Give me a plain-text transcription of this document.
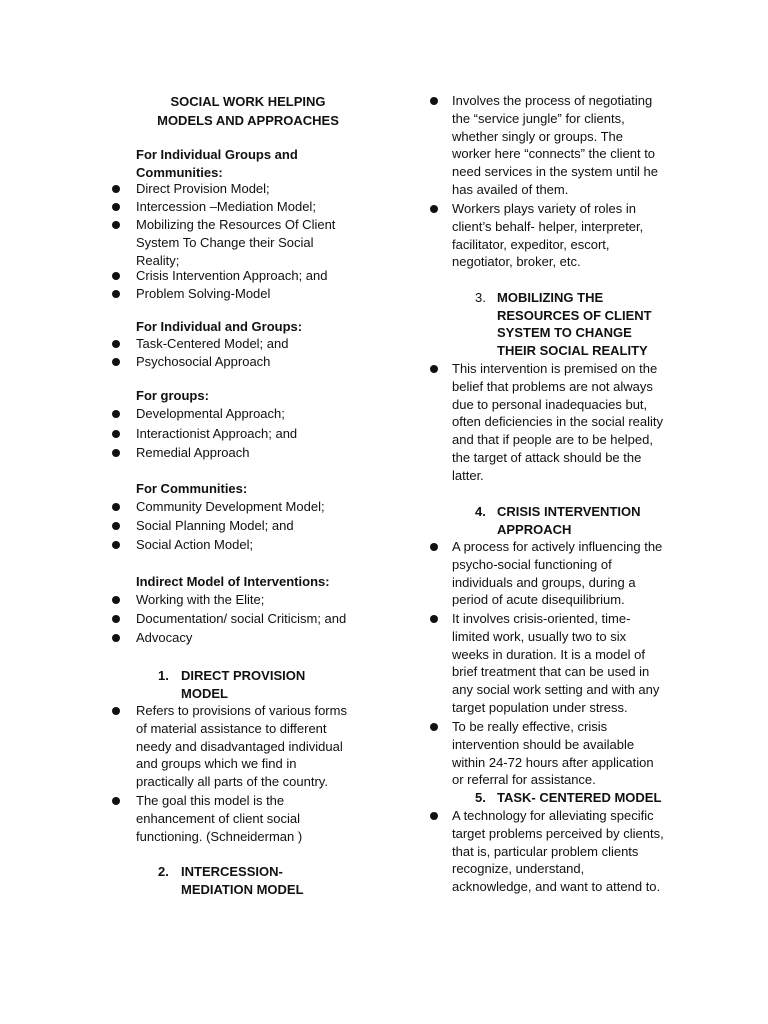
SOCIAL WORK HELPING
MODELS AND APPROACHES
For Individual Groups and
Communities:
Direct Provision Model;
Intercession –Mediation Model;
Mobilizing the Resources Of Client
System To Change their Social
Reality;
Crisis Intervention Approach; and
Problem Solving-Model
For Individual and Groups:
Task-Centered Model; and
Psychosocial Approach
For groups:
Developmental Approach;
Interactionist Approach; and
Remedial Approach
For Communities:
Community Development Model;
Social Planning Model; and
Social Action Model;
Indirect Model of Interventions:
Working with the Elite;
Documentation/ social Criticism; and
Advocacy
1. DIRECT PROVISION
MODEL
Refers to provisions of various forms
of material assistance to different
needy and disadvantaged individual
and groups which we find in
practically all parts of the country.
The goal this model is the
enhancement of client social
functioning. (Schneiderman )
2. INTERCESSION-
MEDIATION MODEL
Involves the process of negotiating
the “service jungle” for clients,
whether singly or groups. The
worker here “connects” the client to
need services in the system until he
has availed of them.
Workers plays variety of roles in
client’s behalf- helper, interpreter,
facilitator, expeditor, escort,
negotiator, broker, etc.
3. MOBILIZING THE
RESOURCES OF CLIENT
SYSTEM TO CHANGE
THEIR SOCIAL REALITY
This intervention is premised on the
belief that problems are not always
due to personal inadequacies but,
often deficiencies in the social reality
and that if people are to be helped,
the target of attack should be the
latter.
4. CRISIS INTERVENTION
APPROACH
A process for actively influencing the
psycho-social functioning of
individuals and groups, during a
period of acute disequilibrium.
It involves crisis-oriented, time-
limited work, usually two to six
weeks in duration. It is a model of
brief treatment that can be used in
any social work setting and with any
target population under stress.
To be really effective, crisis
intervention should be available
within 24-72 hours after application
or referral for assistance.
5. TASK- CENTERED MODEL
A technology for alleviating specific
target problems perceived by clients,
that is, particular problem clients
recognize, understand,
acknowledge, and want to attend to.
